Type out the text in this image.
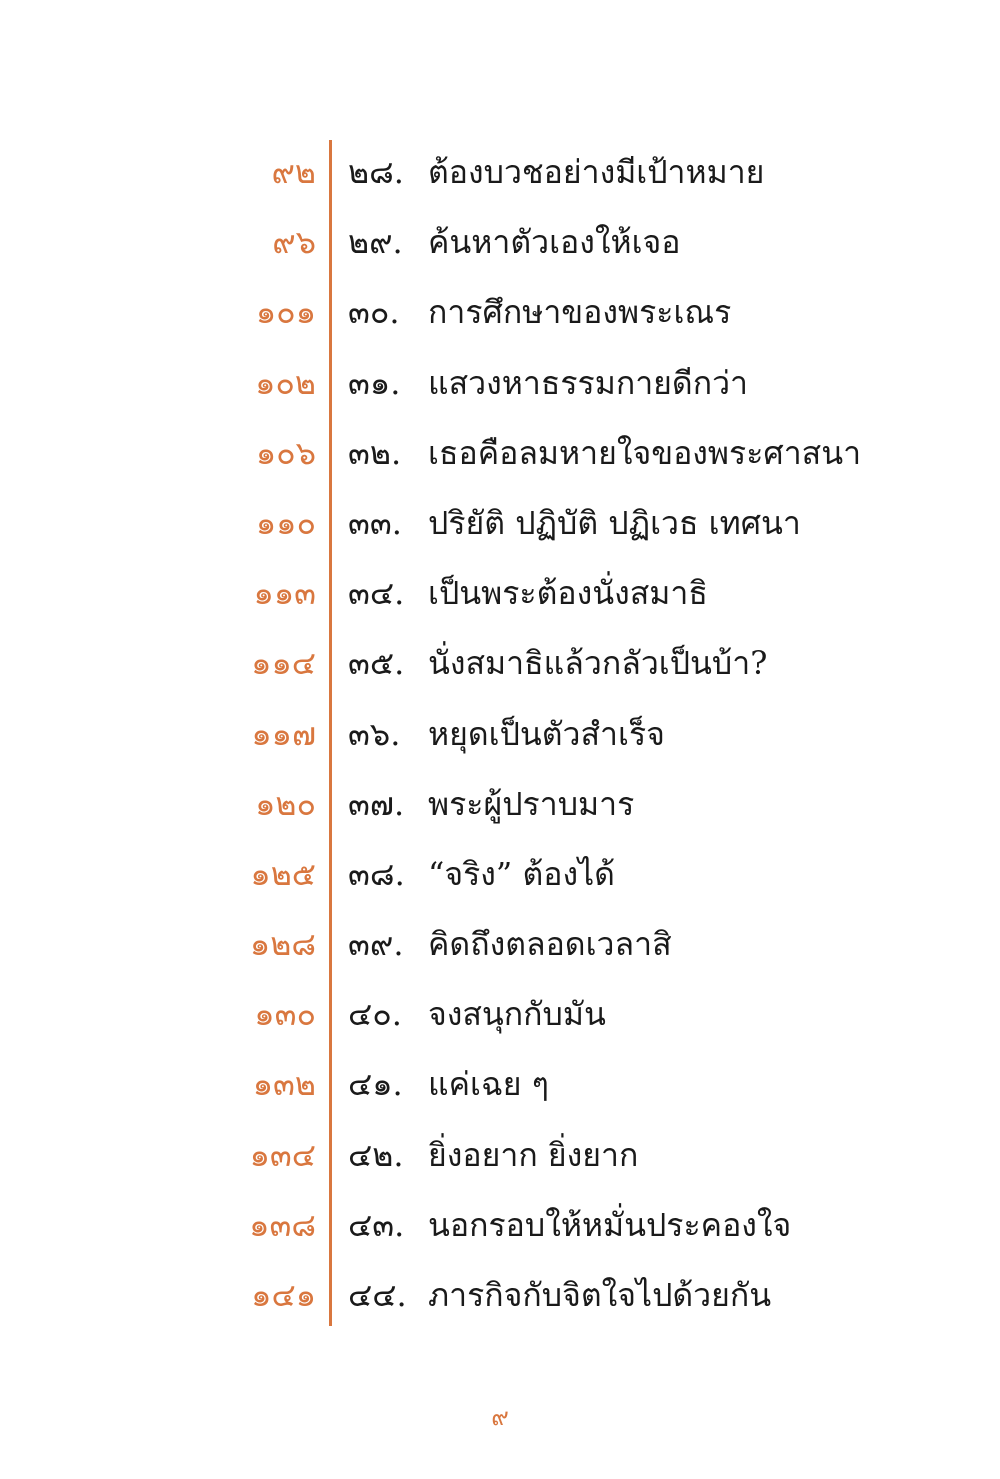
๙๒ ๒๘. ต้องบวชอย่างมีเป้าหมาย
๙๖ ๒๙. ค้นหาตัวเองให้เจอ
๑๐๑ ๓๐. การศึกษาของพระเณร
๑๐๒ ๓๑. แสวงหาธรรมกายดีกว่า
๑๐๖ ๓๒. เธอคือลมหายใจของพระศาสนา
๑๑๐ ๓๓. ปริยัติ ปฏิบัติ ปฏิเวธ เทศนา
๑๑๓ ๓๔. เป็นพระต้องนั่งสมาธิ
๑๑๔ ๓๕. นั่งสมาธิแล้วกลัวเป็นบ้า?
๑๑๗ ๓๖. หยุดเป็นตัวสำเร็จ
๑๒๐ ๓๗. พระผู้ปราบมาร
๑๒๕ ๓๘. “จริง” ต้องได้
๑๒๘ ๓๙. คิดถึงตลอดเวลาสิ
๑๓๐ ๔๐. จงสนุกกับมัน
๑๓๒ ๔๑. แค่เฉย ๆ
๑๓๔ ๔๒. ยิ่งอยาก ยิ่งยาก
๑๓๘ ๔๓. นอกรอบให้หมั่นประคองใจ
๑๔๑ ๔๔. ภารกิจกับจิตใจไปด้วยกัน
๙
